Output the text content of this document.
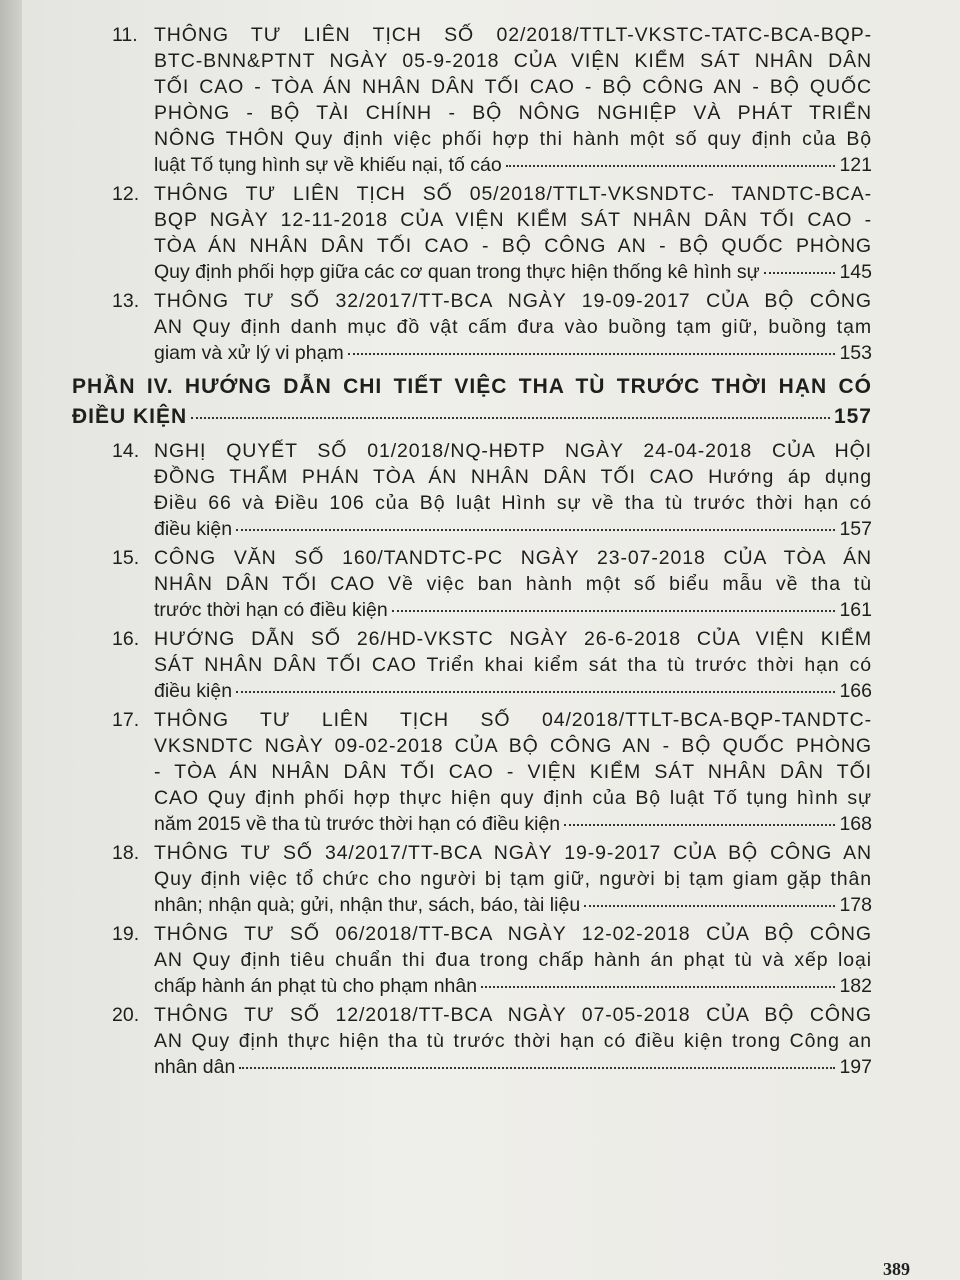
11. THÔNG TƯ LIÊN TỊCH SỐ 02/2018/TTLT-VKSTC-TATC-BCA-BQP-
BTC-BNN&PTNT NGÀY 05-9-2018 CỦA VIỆN KIỂM SÁT NHÂN DÂN
TỐI CAO - TÒA ÁN NHÂN DÂN TỐI CAO - BỘ CÔNG AN - BỘ QUỐC
PHÒNG - BỘ TÀI CHÍNH - BỘ NÔNG NGHIỆP VÀ PHÁT TRIỂN
NÔNG THÔN Quy định việc phối hợp thi hành một số quy định của Bộ
luật Tố tụng hình sự về khiếu nại, tố cáo	121
12. THÔNG TƯ LIÊN TỊCH SỐ 05/2018/TTLT-VKSNDTC- TANDTC-BCA-
BQP NGÀY 12-11-2018 CỦA VIỆN KIỂM SÁT NHÂN DÂN TỐI CAO -
TÒA ÁN NHÂN DÂN TỐI CAO - BỘ CÔNG AN - BỘ QUỐC PHÒNG
Quy định phối hợp giữa các cơ quan trong thực hiện thống kê hình sự	145
13. THÔNG TƯ SỐ 32/2017/TT-BCA NGÀY 19-09-2017 CỦA BỘ CÔNG
AN Quy định danh mục đồ vật cấm đưa vào buồng tạm giữ, buồng tạm
giam và xử lý vi phạm	153
PHẦN IV. HƯỚNG DẪN CHI TIẾT VIỆC THA TÙ TRƯỚC THỜI HẠN CÓ
ĐIỀU KIỆN	157
14. NGHỊ QUYẾT SỐ 01/2018/NQ-HĐTP NGÀY 24-04-2018 CỦA HỘI
ĐỒNG THẨM PHÁN TÒA ÁN NHÂN DÂN TỐI CAO Hướng áp dụng
Điều 66 và Điều 106 của Bộ luật Hình sự về tha tù trước thời hạn có
điều kiện	157
15. CÔNG VĂN SỐ 160/TANDTC-PC NGÀY 23-07-2018 CỦA TÒA ÁN
NHÂN DÂN TỐI CAO Về việc ban hành một số biểu mẫu về tha tù
trước thời hạn có điều kiện	161
16. HƯỚNG DẪN SỐ 26/HD-VKSTC NGÀY 26-6-2018 CỦA VIỆN KIỂM
SÁT NHÂN DÂN TỐI CAO Triển khai kiểm sát tha tù trước thời hạn có
điều kiện	166
17. THÔNG TƯ LIÊN TỊCH SỐ 04/2018/TTLT-BCA-BQP-TANDTC-
VKSNDTC NGÀY 09-02-2018 CỦA BỘ CÔNG AN - BỘ QUỐC PHÒNG
- TÒA ÁN NHÂN DÂN TỐI CAO - VIỆN KIỂM SÁT NHÂN DÂN TỐI
CAO Quy định phối hợp thực hiện quy định của Bộ luật Tố tụng hình sự
năm 2015 về tha tù trước thời hạn có điều kiện	168
18. THÔNG TƯ SỐ 34/2017/TT-BCA NGÀY 19-9-2017 CỦA BỘ CÔNG AN
Quy định việc tổ chức cho người bị tạm giữ, người bị tạm giam gặp thân
nhân; nhận quà; gửi, nhận thư, sách, báo, tài liệu	178
19. THÔNG TƯ SỐ 06/2018/TT-BCA NGÀY 12-02-2018 CỦA BỘ CÔNG
AN Quy định tiêu chuẩn thi đua trong chấp hành án phạt tù và xếp loại
chấp hành án phạt tù cho phạm nhân	182
20. THÔNG TƯ SỐ 12/2018/TT-BCA NGÀY 07-05-2018 CỦA BỘ CÔNG
AN Quy định thực hiện tha tù trước thời hạn có điều kiện trong Công an
nhân dân	197
389
